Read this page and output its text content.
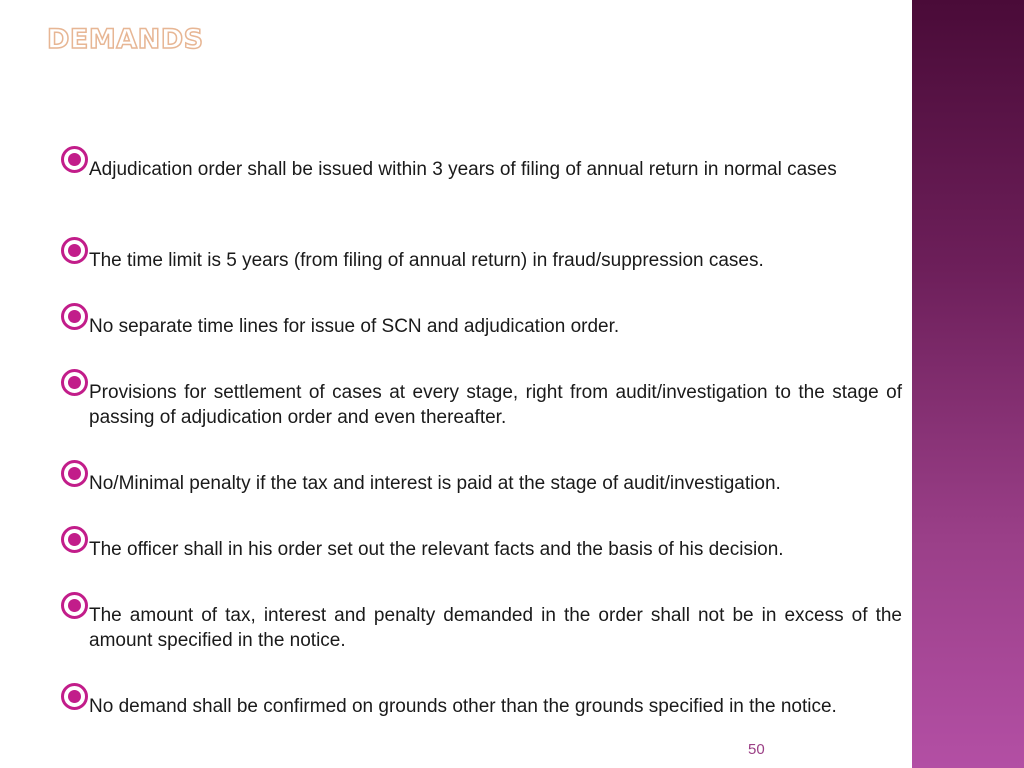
DEMANDS
Adjudication order shall be issued within 3 years of filing of annual return in normal cases
The time limit is 5 years (from filing of annual return) in fraud/suppression cases.
No separate time lines for issue of SCN and adjudication order.
Provisions for settlement of cases at every stage, right from audit/investigation to the stage of passing of adjudication order and even thereafter.
No/Minimal penalty if the tax and interest is paid at the stage of audit/investigation.
The officer shall in his order set out the relevant facts and the basis of his decision.
The amount of tax, interest and penalty demanded in the order shall not be in excess of the amount specified in the notice.
No demand shall be confirmed on grounds other than the grounds specified in the notice.
50
